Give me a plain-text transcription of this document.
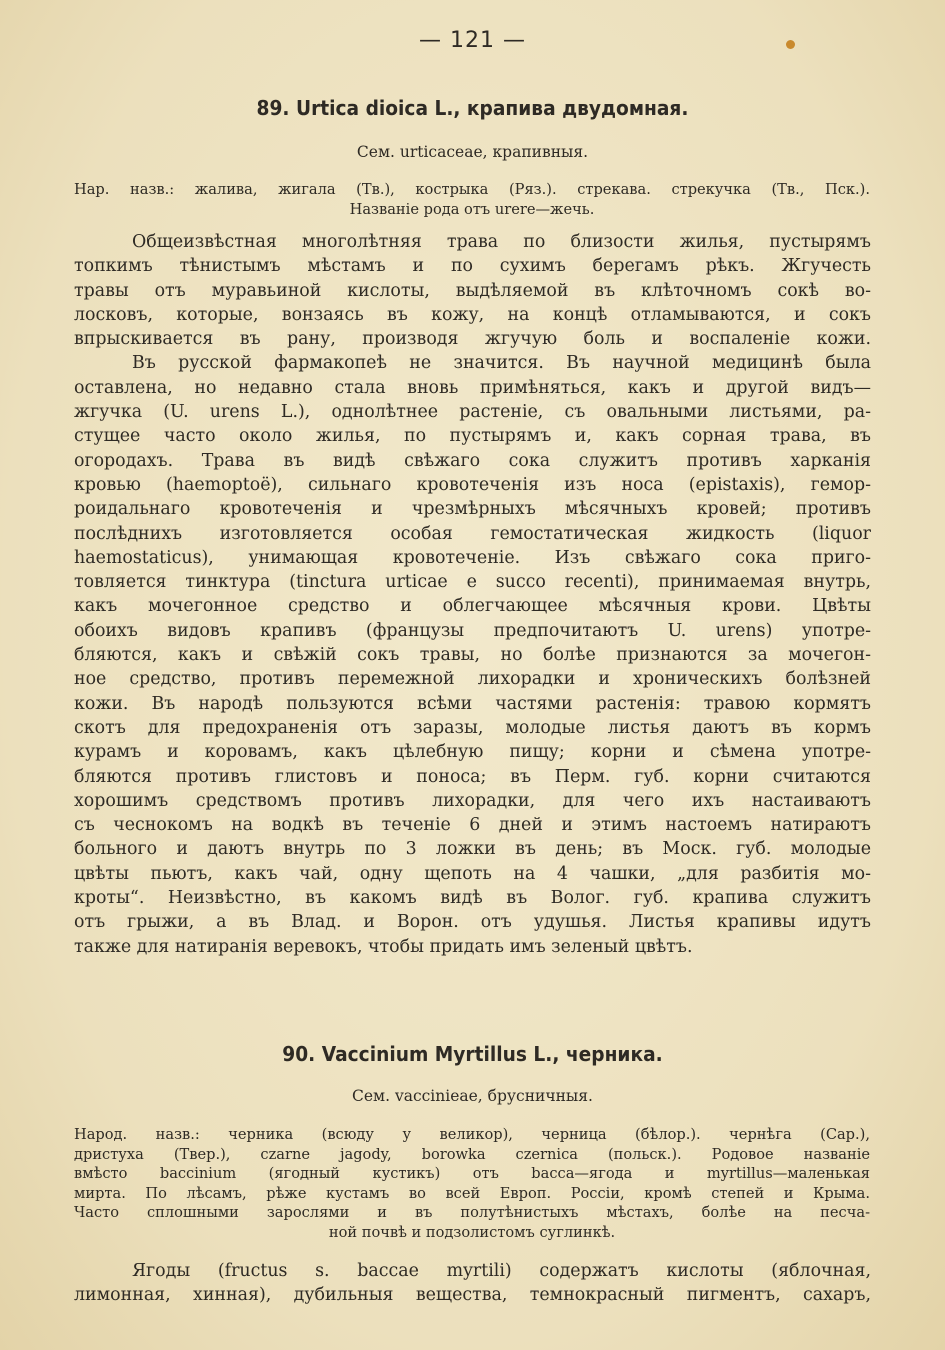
— 121 —
89. Urtica dioica L., крапива двудомная.
Сем. urticaceae, крапивныя.
Нар. назв.: жалива, жигала (Тв.), кострыка (Ряз.). стрекава. стрекучка (Тв., Пск.).
Названіе рода отъ urere—жечь.
Общеизвѣстная многолѣтняя трава по близости жилья, пустырямъ
топкимъ тѣнистымъ мѣстамъ и по сухимъ берегамъ рѣкъ. Жгучесть
травы отъ муравьиной кислоты, выдѣляемой въ клѣточномъ сокѣ во-
лосковъ, которые, вонзаясь въ кожу, на концѣ отламываются, и сокъ
впрыскивается въ рану, производя жгучую боль и воспаленіе кожи.
Въ русской фармакопеѣ не значится. Въ научной медицинѣ была
оставлена, но недавно стала вновь примѣняться, какъ и другой видъ—
жгучка (U. urens L.), однолѣтнее растеніе, съ овальными листьями, ра-
стущее часто около жилья, по пустырямъ и, какъ сорная трава, въ
огородахъ. Трава въ видѣ свѣжаго сока служитъ противъ харканія
кровью (haemoptoë), сильнаго кровотеченія изъ носа (epistaxis), гемор-
роидальнаго кровотеченія и чрезмѣрныхъ мѣсячныхъ кровей; противъ
послѣднихъ изготовляется особая гемостатическая жидкость (liquor
haemostaticus), унимающая кровотеченіе. Изъ свѣжаго сока приго-
товляется тинктура (tinctura urticae e succo recenti), принимаемая внутрь,
какъ мочегонное средство и облегчающее мѣсячныя крови. Цвѣты
обоихъ видовъ крапивъ (французы предпочитаютъ U. urens) употре-
бляются, какъ и свѣжій сокъ травы, но болѣе признаются за мочегон-
ное средство, противъ перемежной лихорадки и хроническихъ болѣзней
кожи. Въ народѣ пользуются всѣми частями растенія: травою кормятъ
скотъ для предохраненія отъ заразы, молодые листья даютъ въ кормъ
курамъ и коровамъ, какъ цѣлебную пищу; корни и сѣмена употре-
бляются противъ глистовъ и поноса; въ Перм. губ. корни считаются
хорошимъ средствомъ противъ лихорадки, для чего ихъ настаиваютъ
съ чеснокомъ на водкѣ въ теченіе 6 дней и этимъ настоемъ натираютъ
больного и даютъ внутрь по 3 ложки въ день; въ Моск. губ. молодые
цвѣты пьютъ, какъ чай, одну щепоть на 4 чашки, „для разбитія мо-
кроты“. Неизвѣстно, въ какомъ видѣ въ Волог. губ. крапива служитъ
отъ грыжи, а въ Влад. и Ворон. отъ удушья. Листья крапивы идутъ
также для натиранія веревокъ, чтобы придать имъ зеленый цвѣтъ.
90. Vaccinium Myrtillus L., черника.
Сем. vaccinieae, брусничныя.
Народ. назв.: черника (всюду у великор), черница (бѣлор.). чернѣга (Сар.),
дристуха (Твер.), czarne jagody, borowka czernica (польск.). Родовое названіе
вмѣсто baccinium (ягодный кустикъ) отъ bacca—ягода и myrtillus—маленькая
мирта. По лѣсамъ, рѣже кустамъ во всей Европ. Россіи, кромѣ степей и Крыма.
Часто сплошными зарослями и въ полутѣнистыхъ мѣстахъ, болѣе на песча-
ной почвѣ и подзолистомъ суглинкѣ.
Ягоды (fructus s. baccae myrtili) содержатъ кислоты (яблочная,
лимонная, хинная), дубильныя вещества, темнокрасный пигментъ, сахаръ,
